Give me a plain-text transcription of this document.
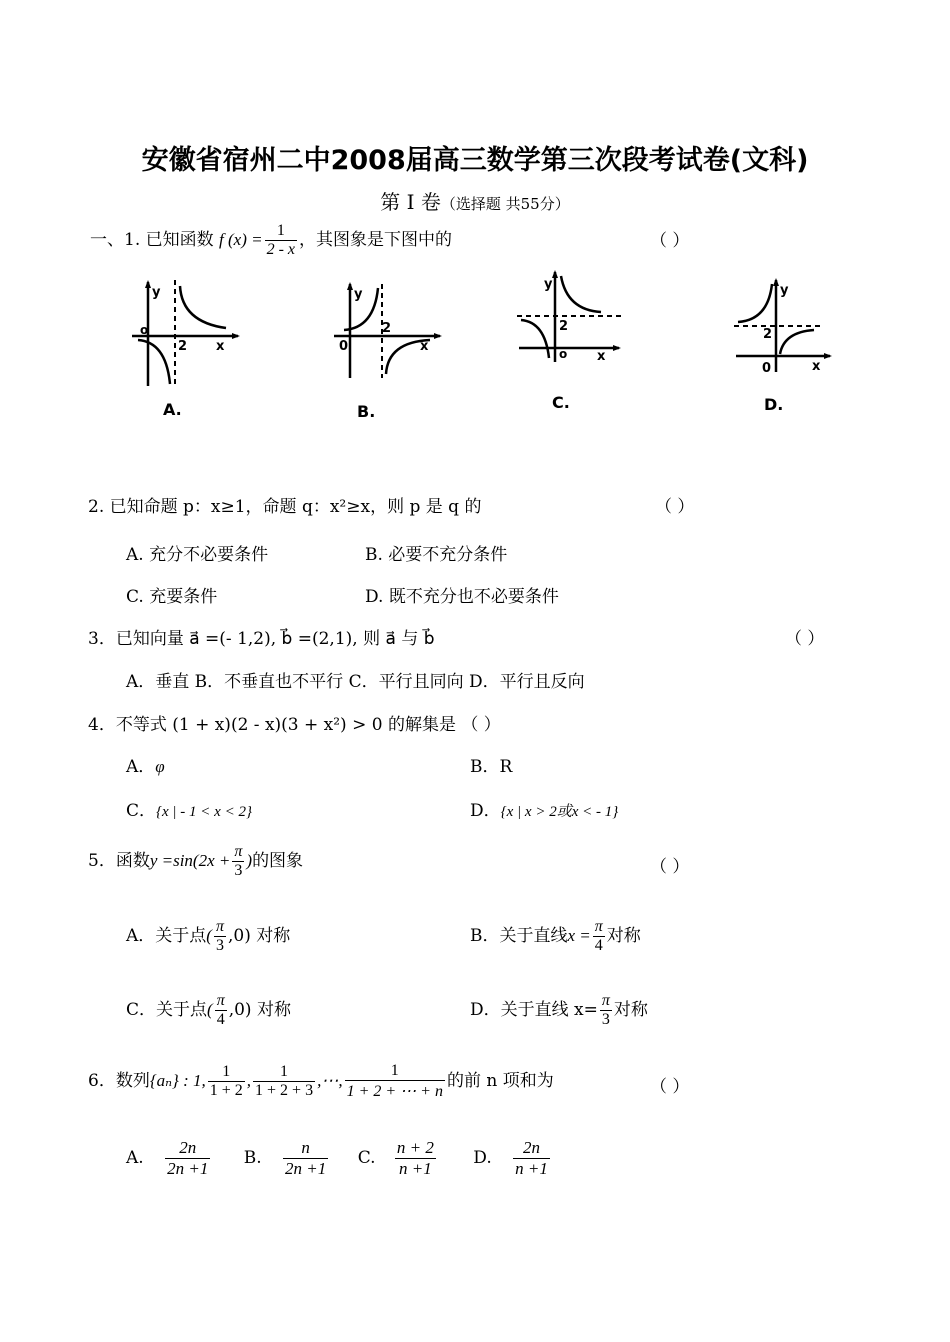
安徽省宿州二中2008届高三数学第三次段考试卷(文科)
第 I 卷（选择题 共55分）
一、1. 已知函数 f $(x) = \frac{1}{2 - x}$ ，其图象是下图中的	（ ）
y
o
2 x
A.
y
0
2
x
B.
y
2
o x
C.
y
2
0	x
D.
2. 已知命题 p：x≥1，命题 q：x²≥x，则 p 是 q 的	（ ）
A. 充分不必要条件	B. 必要不充分条件
C. 充要条件	D. 既不充分也不必要条件
3．已知向量 a⃗ =(- 1,2), b⃗ =(2,1), 则 a⃗ 与 b⃗	（ ）
A．垂直 B．不垂直也不平行 C．平行且同向 D．平行且反向
4．不等式 (1 + x)(2 - x)(3 + x²) > 0 的解集是 （ ）
A．φ	B．R
C．{x | - 1 < x < 2}	D．{x | x > 2或x < - 1}
5．函数$y =\sin(2x + \frac{\pi}{3}$ )的图象	（ ）
A．关于点( $\frac{\pi}{3} ,0$) 对称	B．关于直线$x = \frac{\pi}{4}$ 对称
C．关于点( $\frac{\pi}{4} ,0$) 对称	D．关于直线 $x= \frac{\pi}{3}$ 对称
6．数列{aₙ} : 1, $\frac{1}{1 + 2}$ , $\frac{1}{1 + 2 + 3}$ ,⋯, $\frac{1}{1 + 2 + \cdots + n}$ 的前 n 项和为	（ ）
A. $\frac{2n}{2n +1} B$. $\frac{n}{2n +1} C$. $\frac{n + 2}{n +1} D$. $\frac{2n}{n +1}$
